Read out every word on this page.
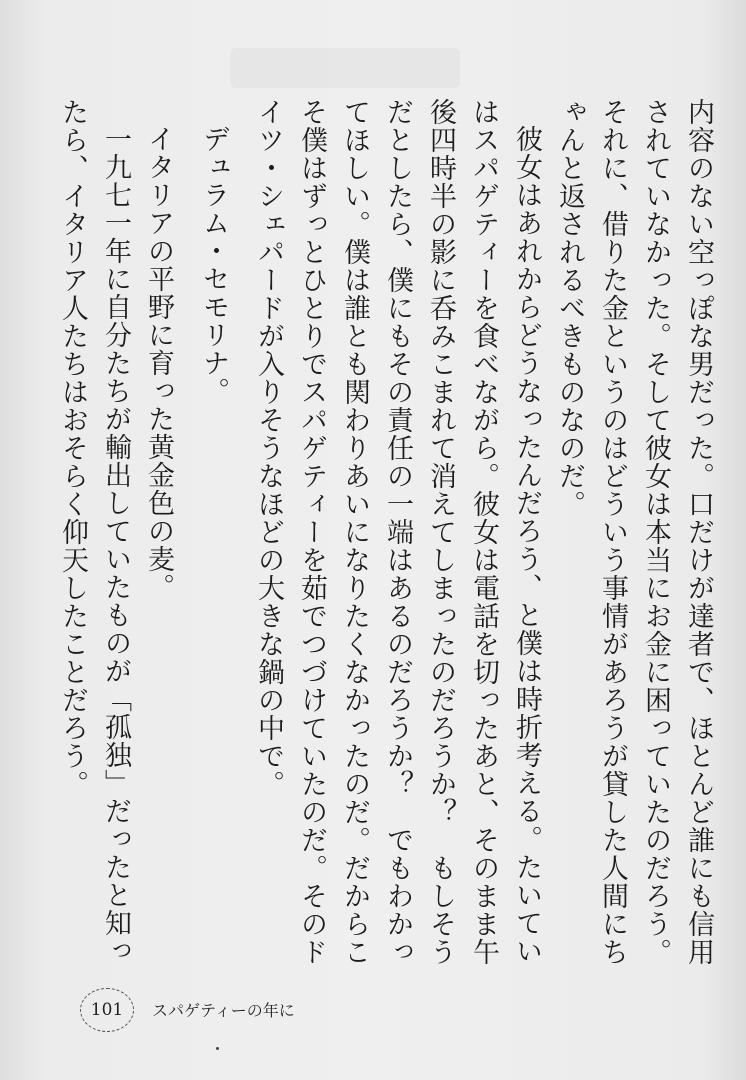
内容のない空っぽな男だった。口だけが達者で、ほとんど誰にも信用されていなかった。そして彼女は本当にお金に困っていたのだろう。それに、借りた金というのはどういう事情があろうが貸した人間にちゃんと返されるべきものなのだ。

彼女はあれからどうなったんだろう、と僕は時折考える。たいていはスパゲティーを食べながら。彼女は電話を切ったあと、そのまま午後四時半の影に呑みこまれて消えてしまったのだろうか？　もしそうだとしたら、僕にもその責任の一端はあるのだろうか？　でもわかってほしい。僕は誰とも関わりあいになりたくなかったのだ。だからこそ僕はずっとひとりでスパゲティーを茹でつづけていたのだ。そのドイツ・シェパードが入りそうなほどの大きな鍋の中で。

デュラム・セモリナ。

イタリアの平野に育った黄金色の麦。

一九七一年に自分たちが輸出していたものが「孤独」だったと知ったら、イタリア人たちはおそらく仰天したことだろう。

101	スパゲティーの年に
